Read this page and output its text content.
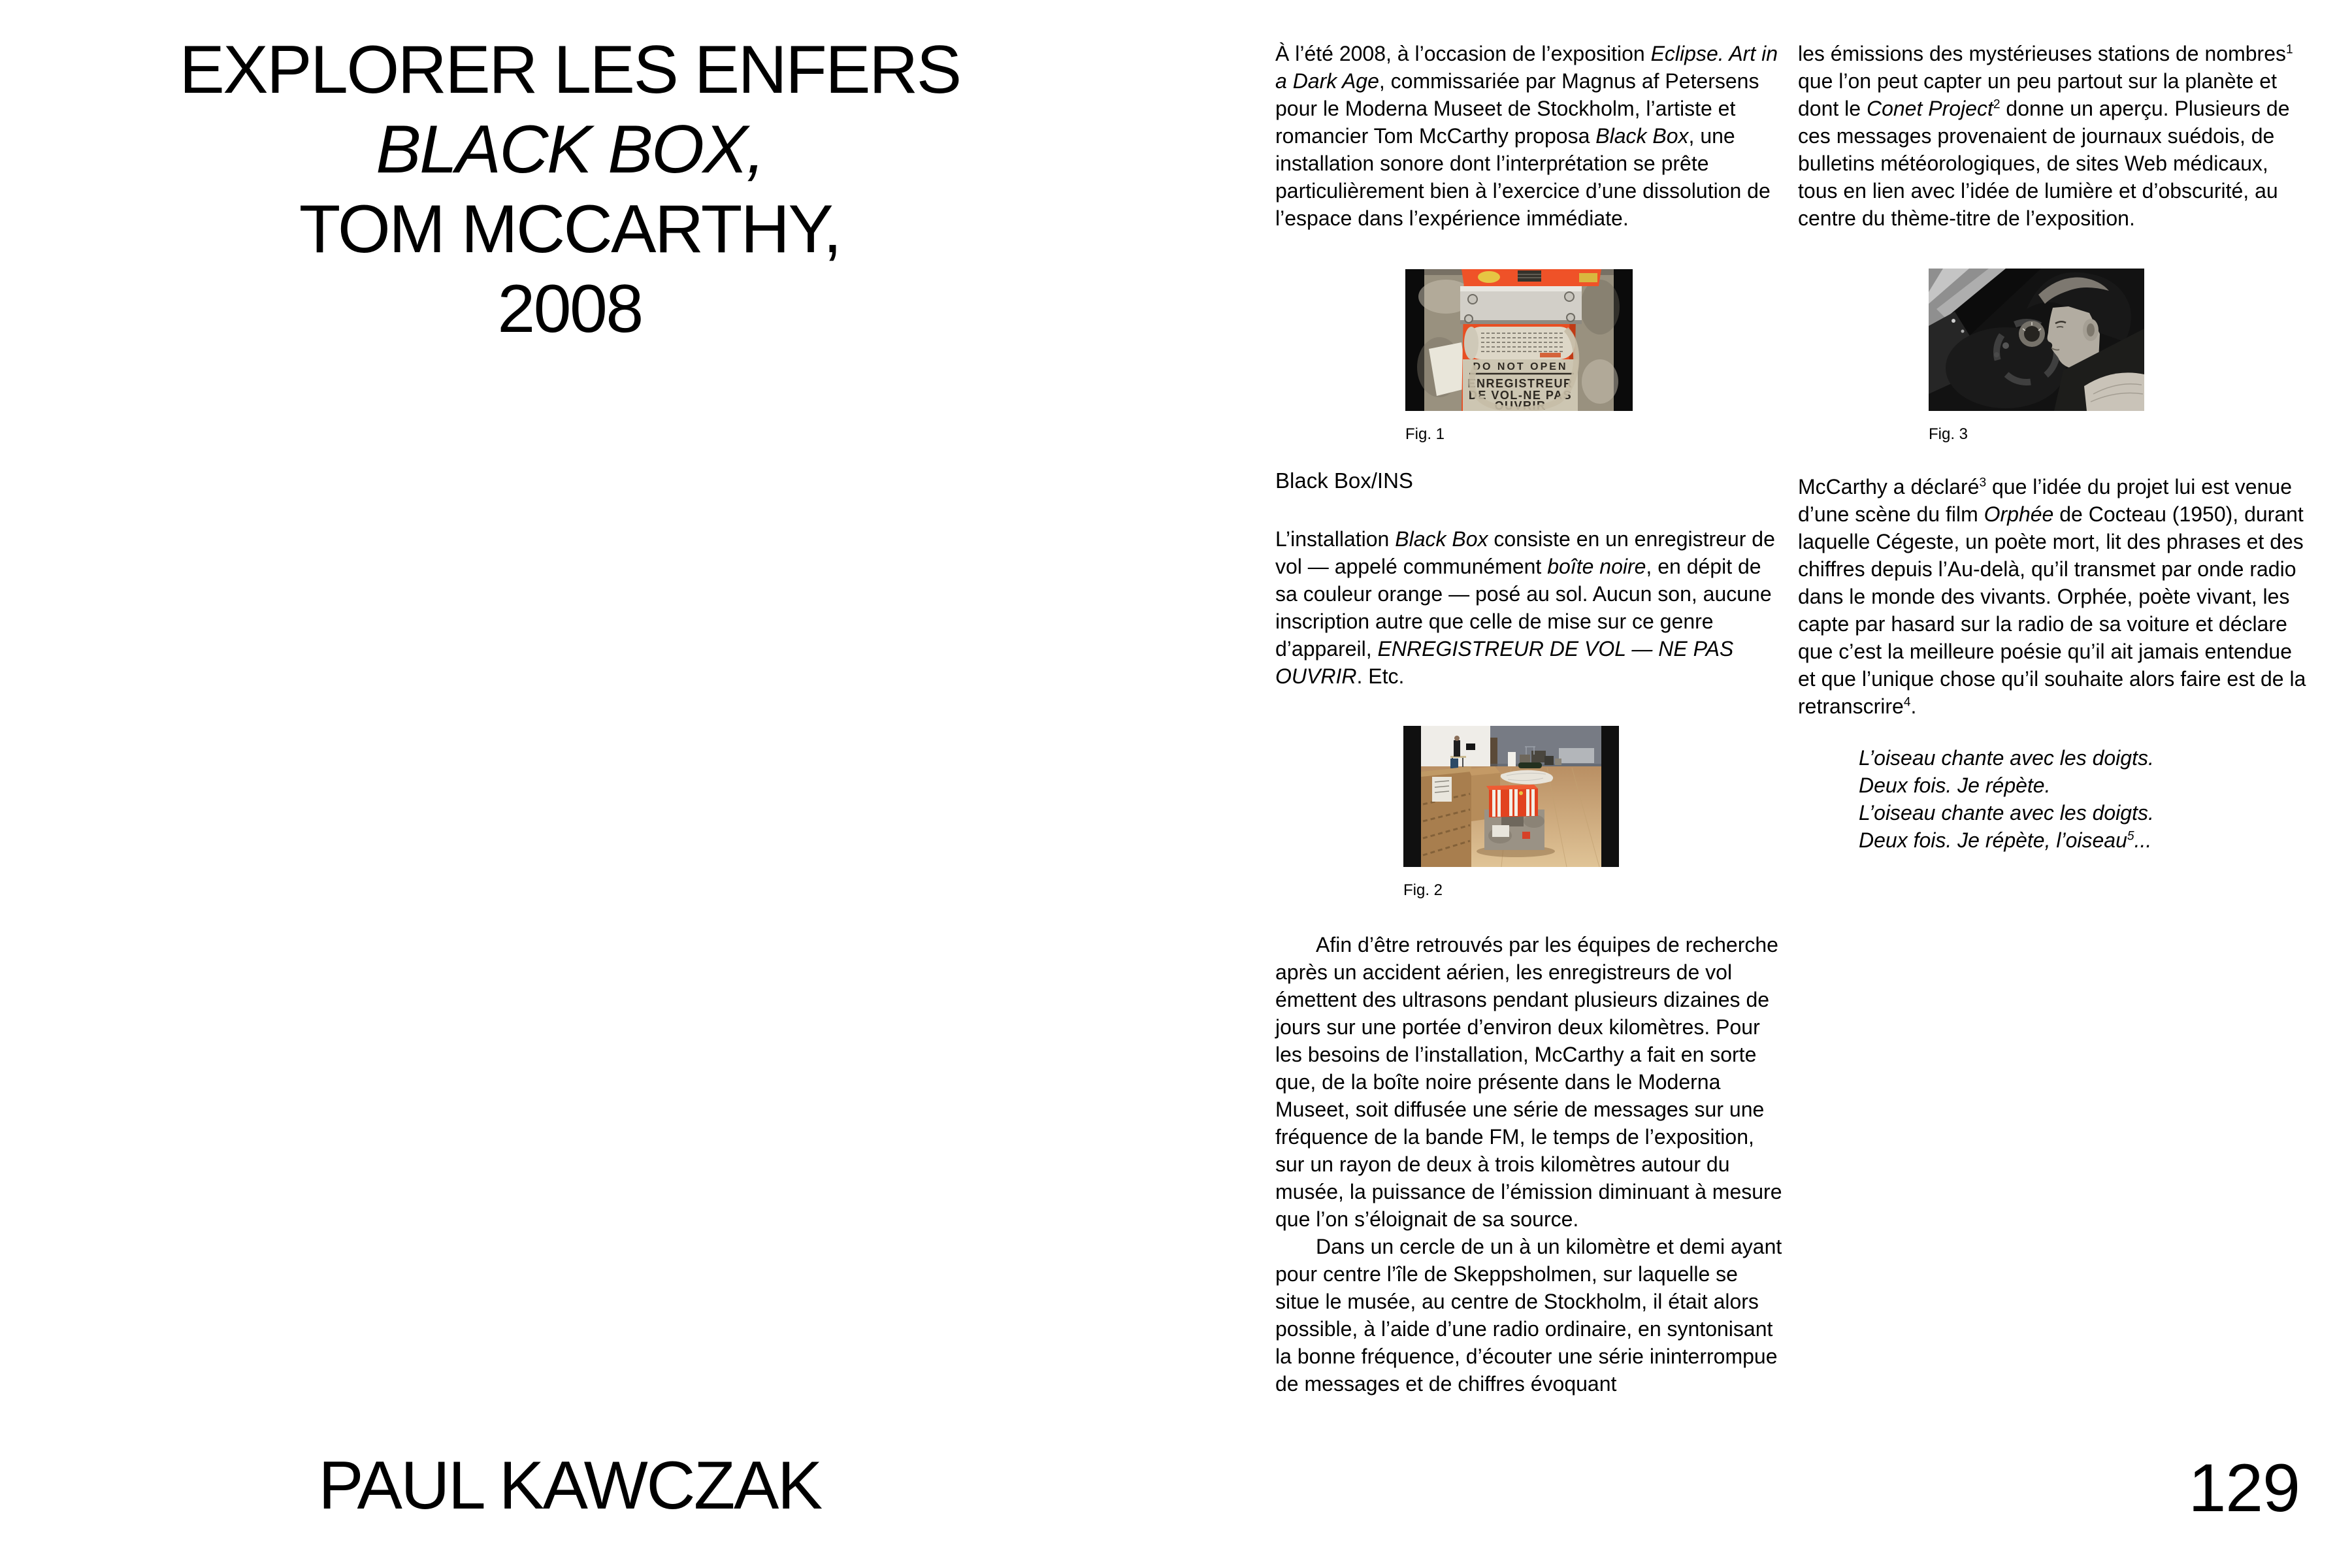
EXPLORER LES ENFERS
BLACK BOX,
TOM MCCARTHY,
2008
PAUL KAWCZAK	129

À l’été 2008, à l’occasion de l’exposition Eclipse. Art in a Dark Age, commissariée par Magnus af Petersens pour le Moderna Museet de Stockholm, l’artiste et romancier Tom McCarthy proposa Black Box, une installation sonore dont l’interprétation se prête particulièrement bien à l’exercice d’une dissolution de l’espace dans l’expérience immédiate.

DO NOT OPEN
ENREGISTREUR
DE VOL-NE PAS
OUVRIR
Fig. 1

Black Box/INS

L’installation Black Box consiste en un enregistreur de vol — appelé communément boîte noire, en dépit de sa couleur orange — posé au sol. Aucun son, aucune inscription autre que celle de mise sur ce genre d’appareil, ENREGISTREUR DE VOL — NE PAS OUVRIR. Etc.

Fig. 2

Afin d’être retrouvés par les équipes de recherche après un accident aérien, les enregistreurs de vol émettent des ultrasons pendant plusieurs dizaines de jours sur une portée d’environ deux kilomètres. Pour les besoins de l’installation, McCarthy a fait en sorte que, de la boîte noire présente dans le Moderna Museet, soit diffusée une série de messages sur une fréquence de la bande FM, le temps de l’exposition, sur un rayon de deux à trois kilomètres autour du musée, la puissance de l’émission diminuant à mesure que l’on s’éloignait de sa source.

Dans un cercle de un à un kilomètre et demi ayant pour centre l’île de Skeppsholmen, sur laquelle se situe le musée, au centre de Stockholm, il était alors possible, à l’aide d’une radio ordinaire, en syntonisant la bonne fréquence, d’écouter une série ininterrompue de messages et de chiffres évoquant

les émissions des mystérieuses stations de nombres$^1$ que l’on peut capter un peu partout sur la planète et dont le Conet Project$^2$ donne un aperçu. Plusieurs de ces messages provenaient de journaux suédois, de bulletins météorologiques, de sites Web médicaux, tous en lien avec l’idée de lumière et d’obscurité, au centre du thème-titre de l’exposition.

Fig. 3

McCarthy a déclaré$^3$ que l’idée du projet lui est venue d’une scène du film Orphée de Cocteau (1950), durant laquelle Cégeste, un poète mort, lit des phrases et des chiffres depuis l’Au-delà, qu’il transmet par onde radio dans le monde des vivants. Orphée, poète vivant, les capte par hasard sur la radio de sa voiture et déclare que c’est la meilleure poésie qu’il ait jamais entendue et que l’unique chose qu’il souhaite alors faire est de la retranscrire$^4$.

L’oiseau chante avec les doigts.

Deux fois. Je répète.

L’oiseau chante avec les doigts.

Deux fois. Je répète, l’oiseau$^5$...
